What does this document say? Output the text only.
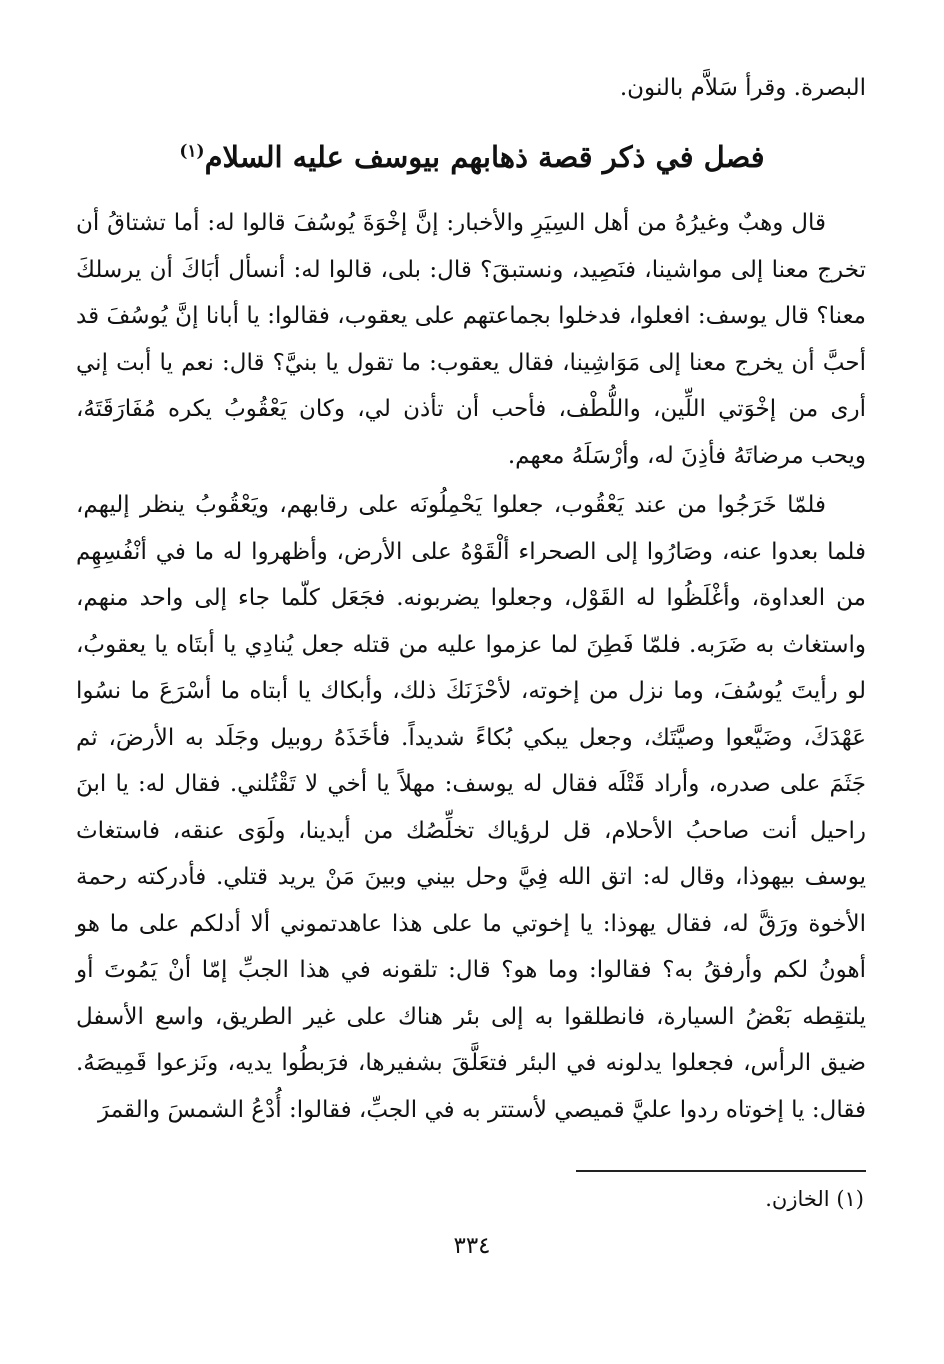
البصرة. وقرأ سَلاَّم بالنون.
فصل في ذكر قصة ذهابهم بيوسف عليه السلام$^{(١)}$

قال وهبٌ وغيرُهُ من أهل السِيَرِ والأخبار: إنَّ إخْوَةَ يُوسُفَ قالوا له: أما تشتاقُ أن تخرج معنا إلى مواشينا، فنَصِيد، ونستبقَ؟ قال: بلى، قالوا له: أنسأل أبَاكَ أن يرسلكَ معنا؟ قال يوسف: افعلوا، فدخلوا بجماعتهم على يعقوب، فقالوا: يا أبانا إنَّ يُوسُفَ قد أحبَّ أن يخرج معنا إلى مَوَاشِينا، فقال يعقوب: ما تقول يا بنيَّ؟ قال: نعم يا أبت إني أرى من إخْوَتي اللِّين، واللُّطْف، فأحب أن تأذن لي، وكان يَعْقُوبُ يكره مُفَارَقَتَهُ، ويحب مرضاتَهُ فأذِنَ له، وأرْسَلَهُ معهم.

فلمّا خَرَجُوا من عند يَعْقُوب، جعلوا يَحْمِلُونَه على رقابهم، ويَعْقُوبُ ينظر إليهم، فلما بعدوا عنه، وصَارُوا إلى الصحراء ألْقَوْهُ على الأرض، وأظهروا له ما في أنْفُسِهِم من العداوة، وأغْلَظُوا له القَوْل، وجعلوا يضربونه. فجَعَل كلّما جاء إلى واحد منهم، واستغاث به ضَرَبه. فلمّا فَطِنَ لما عزموا عليه من قتله جعل يُنادِي يا أبتَاه يا يعقوبُ، لو رأيتَ يُوسُفَ، وما نزل من إخوته، لأحْزَنَكَ ذلك، وأبكاك يا أبتاه ما أسْرَعَ ما نسُوا عَهْدَكَ، وضَيَّعوا وصيَّتَك، وجعل يبكي بُكاءً شديداً. فأخَذَهُ روبيل وجَلَد به الأرضَ، ثم جَثَمَ على صدره، وأراد قَتْلَه فقال له يوسف: مهلاً يا أخي لا تَقْتُلني. فقال له: يا ابنَ راحيل أنت صاحبُ الأحلام، قل لرؤياك تخلِّصُك من أيدينا، ولَوَى عنقه، فاستغاث يوسف بيهوذا، وقال له: اتق الله فِيَّ وحل بيني وبينَ مَنْ يريد قتلي. فأدركته رحمة الأخوة ورَقَّ له، فقال يهوذا: يا إخوتي ما على هذا عاهدتموني ألا أدلكم على ما هو أهونُ لكم وأرفقُ به؟ فقالوا: وما هو؟ قال: تلقونه في هذا الجبِّ إمّا أنْ يَمُوتَ أو يلتقِطه بَعْضُ السيارة، فانطلقوا به إلى بئر هناك على غير الطريق، واسع الأسفل ضيق الرأس، فجعلوا يدلونه في البئر فتعَلَّقَ بشفيرها، فرَبطُوا يديه، ونَزعوا قَمِيصَهُ. فقال: يا إخوتاه ردوا عليَّ قميصي لأستتر به في الجبِّ، فقالوا: أُدْعُ الشمسَ والقمرَ

(١) الخازن.
٣٣٤
